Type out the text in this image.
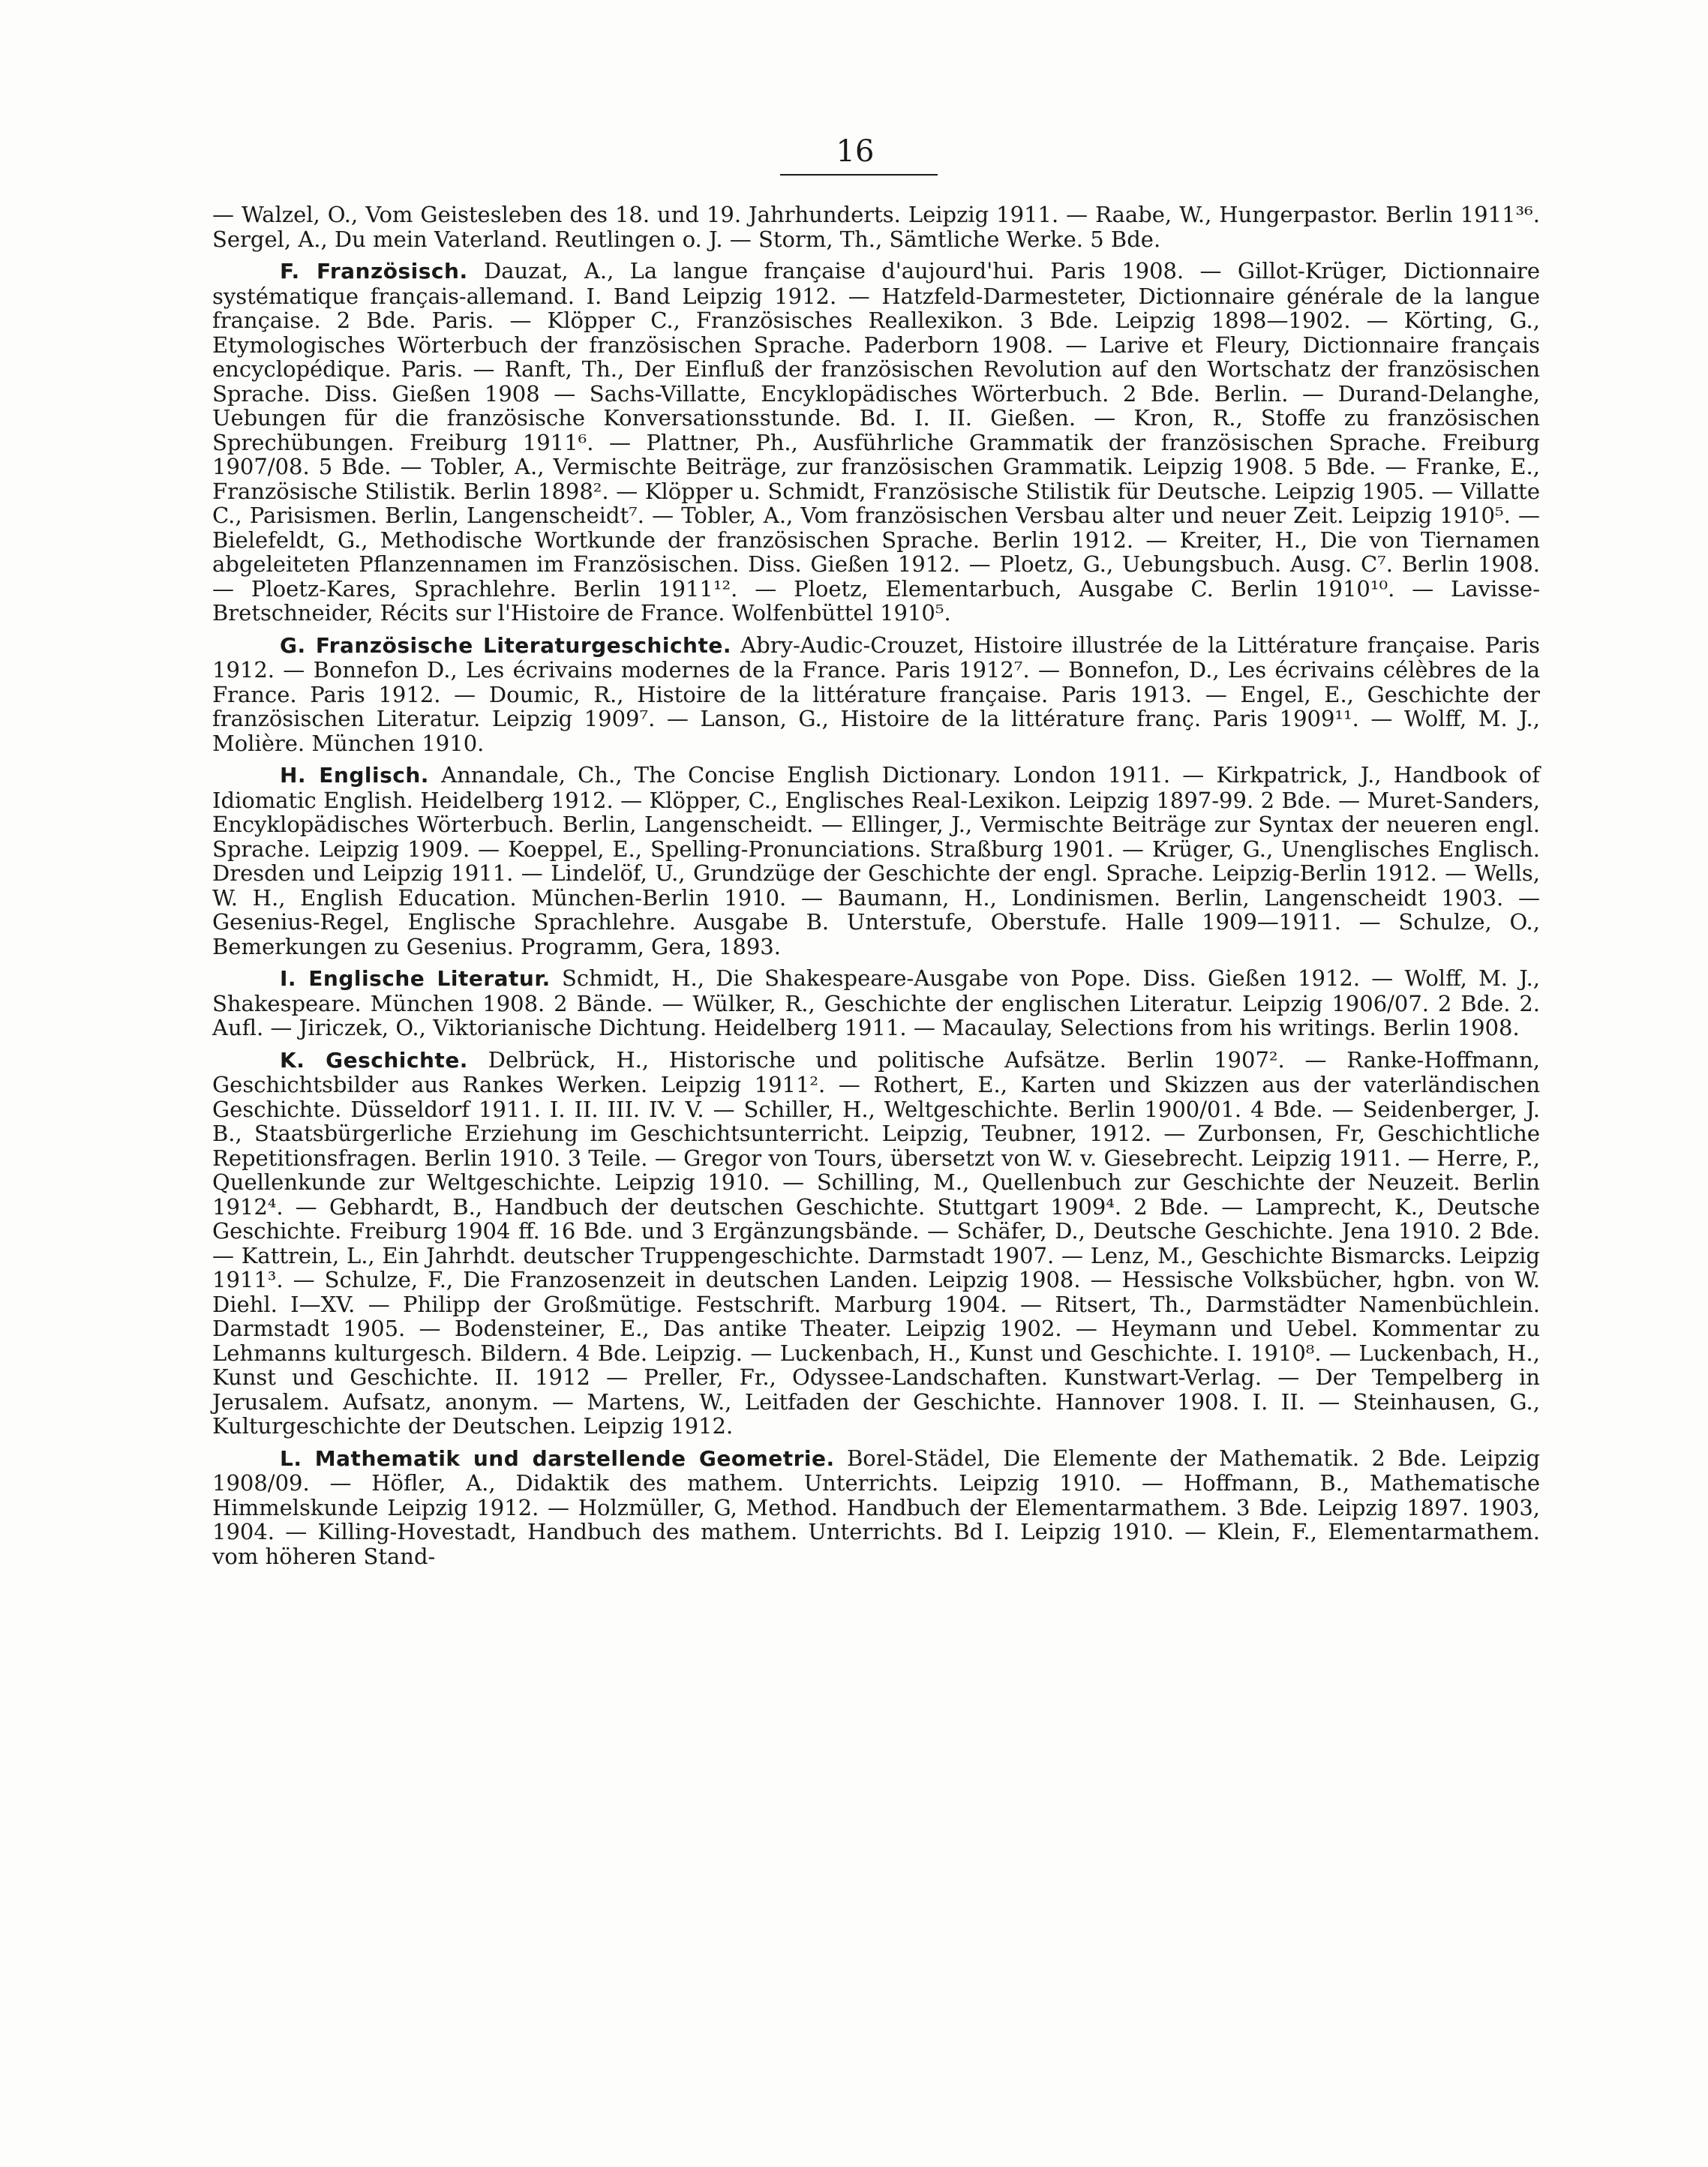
16

— Walzel, O., Vom Geistesleben des 18. und 19. Jahrhunderts. Leipzig 1911. — Raabe, W., Hungerpastor. Berlin 1911³⁶. Sergel, A., Du mein Vaterland. Reutlingen o. J. — Storm, Th., Sämtliche Werke. 5 Bde.

F. Französisch. Dauzat, A., La langue française d'aujourd'hui. Paris 1908. — Gillot-Krüger, Dictionnaire systématique français-allemand. I. Band Leipzig 1912. — Hatzfeld-Darmesteter, Dictionnaire générale de la langue française. 2 Bde. Paris. — Klöpper C., Französisches Reallexikon. 3 Bde. Leipzig 1898—1902. — Körting, G., Etymologisches Wörterbuch der französischen Sprache. Paderborn 1908. — Larive et Fleury, Dictionnaire français encyclopédique. Paris. — Ranft, Th., Der Einfluß der französischen Revolution auf den Wortschatz der französischen Sprache. Diss. Gießen 1908 — Sachs-Villatte, Encyklopädisches Wörterbuch. 2 Bde. Berlin. — Durand-Delanghe, Uebungen für die französische Konversationsstunde. Bd. I. II. Gießen. — Kron, R., Stoffe zu französischen Sprechübungen. Freiburg 1911⁶. — Plattner, Ph., Ausführliche Grammatik der französischen Sprache. Freiburg 1907/08. 5 Bde. — Tobler, A., Vermischte Beiträge, zur französischen Grammatik. Leipzig 1908. 5 Bde. — Franke, E., Französische Stilistik. Berlin 1898². — Klöpper u. Schmidt, Französische Stilistik für Deutsche. Leipzig 1905. — Villatte C., Parisismen. Berlin, Langenscheidt⁷. — Tobler, A., Vom französischen Versbau alter und neuer Zeit. Leipzig 1910⁵. — Bielefeldt, G., Methodische Wortkunde der französischen Sprache. Berlin 1912. — Kreiter, H., Die von Tiernamen abgeleiteten Pflanzennamen im Französischen. Diss. Gießen 1912. — Ploetz, G., Uebungsbuch. Ausg. C⁷. Berlin 1908. — Ploetz-Kares, Sprachlehre. Berlin 1911¹². — Ploetz, Elementarbuch, Ausgabe C. Berlin 1910¹⁰. — Lavisse-Bretschneider, Récits sur l'Histoire de France. Wolfenbüttel 1910⁵.

G. Französische Literaturgeschichte. Abry-Audic-Crouzet, Histoire illustrée de la Littérature française. Paris 1912. — Bonnefon D., Les écrivains modernes de la France. Paris 1912⁷. — Bonnefon, D., Les écrivains célèbres de la France. Paris 1912. — Doumic, R., Histoire de la littérature française. Paris 1913. — Engel, E., Geschichte der französischen Literatur. Leipzig 1909⁷. — Lanson, G., Histoire de la littérature franç. Paris 1909¹¹. — Wolff, M. J., Molière. München 1910.

H. Englisch. Annandale, Ch., The Concise English Dictionary. London 1911. — Kirkpatrick, J., Handbook of Idiomatic English. Heidelberg 1912. — Klöpper, C., Englisches Real-Lexikon. Leipzig 1897-99. 2 Bde. — Muret-Sanders, Encyklopädisches Wörterbuch. Berlin, Langenscheidt. — Ellinger, J., Vermischte Beiträge zur Syntax der neueren engl. Sprache. Leipzig 1909. — Koeppel, E., Spelling-Pronunciations. Straßburg 1901. — Krüger, G., Unenglisches Englisch. Dresden und Leipzig 1911. — Lindelöf, U., Grundzüge der Geschichte der engl. Sprache. Leipzig-Berlin 1912. — Wells, W. H., English Education. München-Berlin 1910. — Baumann, H., Londinismen. Berlin, Langenscheidt 1903. — Gesenius-Regel, Englische Sprachlehre. Ausgabe B. Unterstufe, Oberstufe. Halle 1909—1911. — Schulze, O., Bemerkungen zu Gesenius. Programm, Gera, 1893.

I. Englische Literatur. Schmidt, H., Die Shakespeare-Ausgabe von Pope. Diss. Gießen 1912. — Wolff, M. J., Shakespeare. München 1908. 2 Bände. — Wülker, R., Geschichte der englischen Literatur. Leipzig 1906/07. 2 Bde. 2. Aufl. — Jiriczek, O., Viktorianische Dichtung. Heidelberg 1911. — Macaulay, Selections from his writings. Berlin 1908.

K. Geschichte. Delbrück, H., Historische und politische Aufsätze. Berlin 1907². — Ranke-Hoffmann, Geschichtsbilder aus Rankes Werken. Leipzig 1911². — Rothert, E., Karten und Skizzen aus der vaterländischen Geschichte. Düsseldorf 1911. I. II. III. IV. V. — Schiller, H., Weltgeschichte. Berlin 1900/01. 4 Bde. — Seidenberger, J. B., Staatsbürgerliche Erziehung im Geschichtsunterricht. Leipzig, Teubner, 1912. — Zurbonsen, Fr, Geschichtliche Repetitionsfragen. Berlin 1910. 3 Teile. — Gregor von Tours, übersetzt von W. v. Giesebrecht. Leipzig 1911. — Herre, P., Quellenkunde zur Weltgeschichte. Leipzig 1910. — Schilling, M., Quellenbuch zur Geschichte der Neuzeit. Berlin 1912⁴. — Gebhardt, B., Handbuch der deutschen Geschichte. Stuttgart 1909⁴. 2 Bde. — Lamprecht, K., Deutsche Geschichte. Freiburg 1904 ff. 16 Bde. und 3 Ergänzungsbände. — Schäfer, D., Deutsche Geschichte. Jena 1910. 2 Bde. — Kattrein, L., Ein Jahrhdt. deutscher Truppengeschichte. Darmstadt 1907. — Lenz, M., Geschichte Bismarcks. Leipzig 1911³. — Schulze, F., Die Franzosenzeit in deutschen Landen. Leipzig 1908. — Hessische Volksbücher, hgbn. von W. Diehl. I—XV. — Philipp der Großmütige. Festschrift. Marburg 1904. — Ritsert, Th., Darmstädter Namenbüchlein. Darmstadt 1905. — Bodensteiner, E., Das antike Theater. Leipzig 1902. — Heymann und Uebel. Kommentar zu Lehmanns kulturgesch. Bildern. 4 Bde. Leipzig. — Luckenbach, H., Kunst und Geschichte. I. 1910⁸. — Luckenbach, H., Kunst und Geschichte. II. 1912 — Preller, Fr., Odyssee-Landschaften. Kunstwart-Verlag. — Der Tempelberg in Jerusalem. Aufsatz, anonym. — Martens, W., Leitfaden der Geschichte. Hannover 1908. I. II. — Steinhausen, G., Kulturgeschichte der Deutschen. Leipzig 1912.

L. Mathematik und darstellende Geometrie. Borel-Städel, Die Elemente der Mathematik. 2 Bde. Leipzig 1908/09. — Höfler, A., Didaktik des mathem. Unterrichts. Leipzig 1910. — Hoffmann, B., Mathematische Himmelskunde Leipzig 1912. — Holzmüller, G, Method. Handbuch der Elementarmathem. 3 Bde. Leipzig 1897. 1903, 1904. — Killing-Hovestadt, Handbuch des mathem. Unterrichts. Bd I. Leipzig 1910. — Klein, F., Elementarmathem. vom höheren Stand-
